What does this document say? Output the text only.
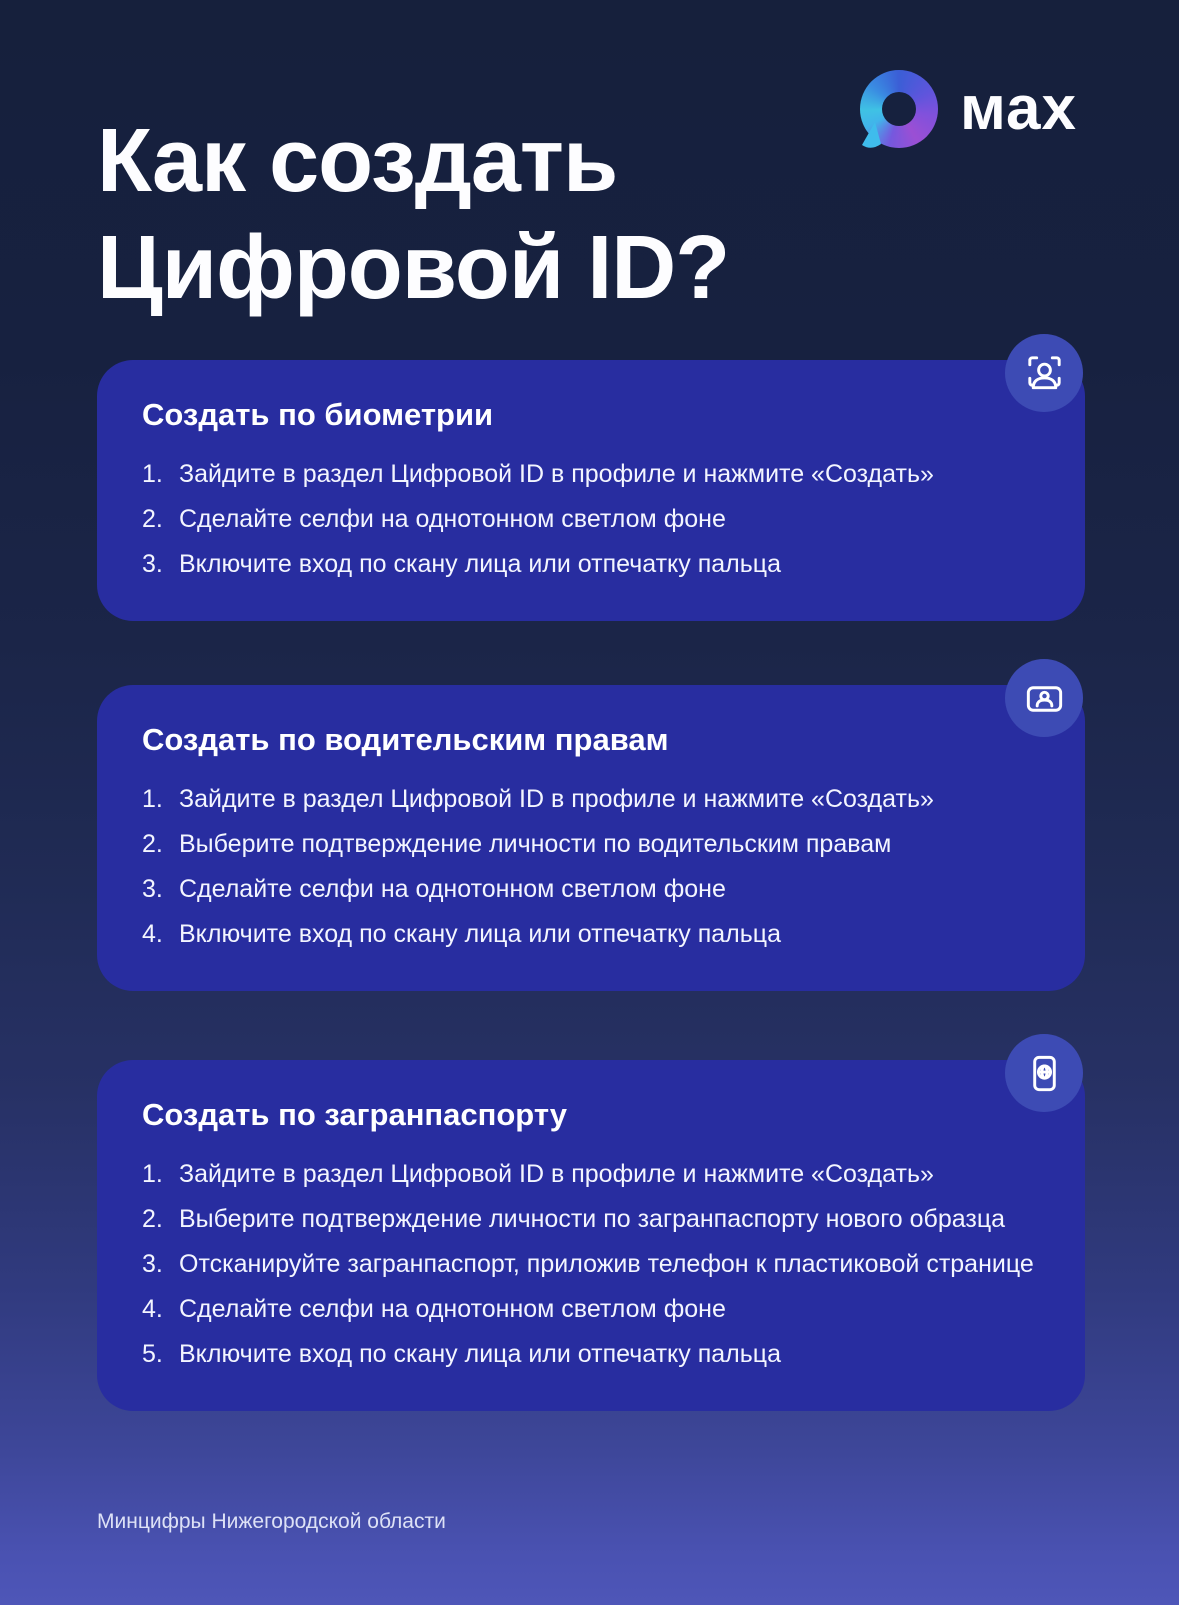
Как создать
Цифровой ID?
мах
Создать по биометрии
1. Зайдите в раздел Цифровой ID в профиле и нажмите «Создать»
2. Сделайте селфи на однотонном светлом фоне
3. Включите вход по скану лица или отпечатку пальца
Создать по водительским правам
1. Зайдите в раздел Цифровой ID в профиле и нажмите «Создать»
2. Выберите подтверждение личности по водительским правам
3. Сделайте селфи на однотонном светлом фоне
4. Включите вход по скану лица или отпечатку пальца
Создать по загранпаспорту
1. Зайдите в раздел Цифровой ID в профиле и нажмите «Создать»
2. Выберите подтверждение личности по загранпаспорту нового образца
3. Отсканируйте загранпаспорт, приложив телефон к пластиковой странице
4. Сделайте селфи на однотонном светлом фоне
5. Включите вход по скану лица или отпечатку пальца
Минцифры Нижегородской области
